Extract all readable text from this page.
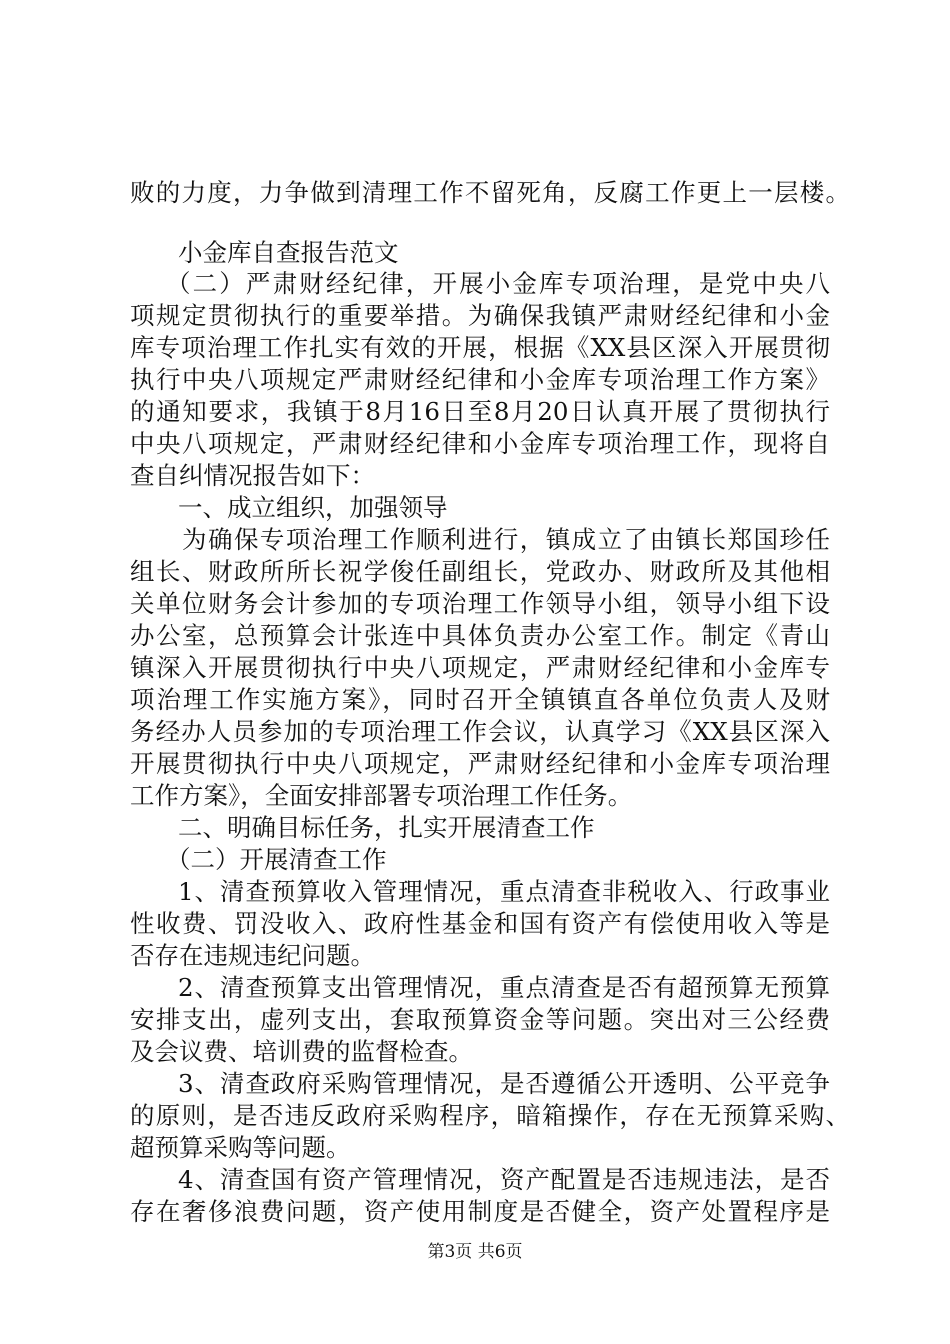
败的力度，力争做到清理工作不留死角，反腐工作更上一层楼。
小金库自查报告范文
（二）严肃财经纪律，开展小金库专项治理，是党中央八
项规定贯彻执行的重要举措。为确保我镇严肃财经纪律和小金
库专项治理工作扎实有效的开展，根据《XX县区深入开展贯彻
执行中央八项规定严肃财经纪律和小金库专项治理工作方案》
的通知要求，我镇于8月16日至8月20日认真开展了贯彻执行
中央八项规定，严肃财经纪律和小金库专项治理工作，现将自
查自纠情况报告如下：
一、成立组织，加强领导
为确保专项治理工作顺利进行，镇成立了由镇长郑国珍任
组长、财政所所长祝学俊任副组长，党政办、财政所及其他相
关单位财务会计参加的专项治理工作领导小组，领导小组下设
办公室，总预算会计张连中具体负责办公室工作。制定《青山
镇深入开展贯彻执行中央八项规定，严肃财经纪律和小金库专
项治理工作实施方案》，同时召开全镇镇直各单位负责人及财
务经办人员参加的专项治理工作会议，认真学习《XX县区深入
开展贯彻执行中央八项规定，严肃财经纪律和小金库专项治理
工作方案》，全面安排部署专项治理工作任务。
二、明确目标任务，扎实开展清查工作
（二）开展清查工作
1、清查预算收入管理情况，重点清查非税收入、行政事业
性收费、罚没收入、政府性基金和国有资产有偿使用收入等是
否存在违规违纪问题。
2、清查预算支出管理情况，重点清查是否有超预算无预算
安排支出，虚列支出，套取预算资金等问题。突出对三公经费
及会议费、培训费的监督检查。
3、清查政府采购管理情况，是否遵循公开透明、公平竞争
的原则，是否违反政府采购程序，暗箱操作，存在无预算采购、
超预算采购等问题。
4、清查国有资产管理情况，资产配置是否违规违法，是否
存在奢侈浪费问题，资产使用制度是否健全，资产处置程序是
第3页 共6页
